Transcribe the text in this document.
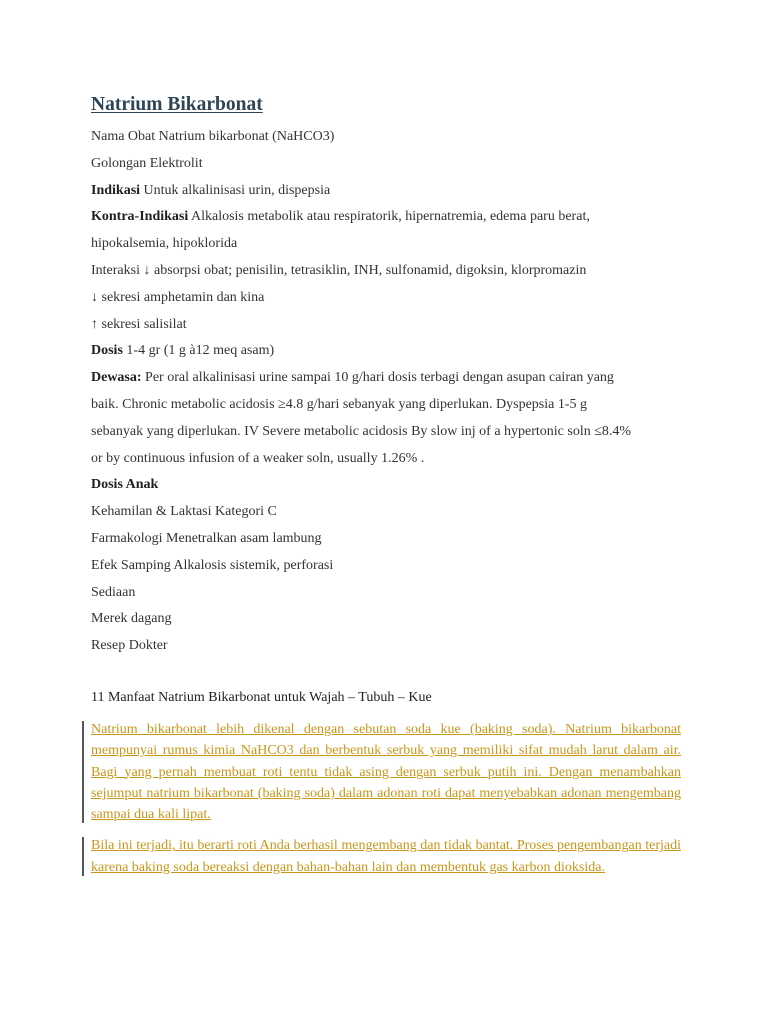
Natrium Bikarbonat
Nama Obat Natrium bikarbonat (NaHCO3)
Golongan Elektrolit
Indikasi Untuk alkalinisasi urin, dispepsia
Kontra-Indikasi Alkalosis metabolik atau respiratorik, hipernatremia, edema paru berat,
hipokalsemia, hipoklorida
Interaksi ↓ absorpsi obat; penisilin, tetrasiklin, INH, sulfonamid, digoksin, klorpromazin
↓ sekresi amphetamin dan kina
↑ sekresi salisilat
Dosis 1-4 gr (1 g à12 meq asam)
Dewasa: Per oral alkalinisasi urine sampai 10 g/hari dosis terbagi dengan asupan cairan yang
baik. Chronic metabolic acidosis ≥4.8 g/hari sebanyak yang diperlukan. Dyspepsia 1-5 g
sebanyak yang diperlukan. IV Severe metabolic acidosis By slow inj of a hypertonic soln ≤8.4%
or by continuous infusion of a weaker soln, usually 1.26% .
Dosis Anak
Kehamilan & Laktasi Kategori C
Farmakologi Menetralkan asam lambung
Efek Samping Alkalosis sistemik, perforasi
Sediaan
Merek dagang
Resep Dokter
11 Manfaat Natrium Bikarbonat untuk Wajah – Tubuh – Kue
Natrium bikarbonat lebih dikenal dengan sebutan soda kue (baking soda). Natrium bikarbonat mempunyai rumus kimia NaHCO3 dan berbentuk serbuk yang memiliki sifat mudah larut dalam air. Bagi yang pernah membuat roti tentu tidak asing dengan serbuk putih ini. Dengan menambahkan sejumput natrium bikarbonat (baking soda) dalam adonan roti dapat menyebabkan adonan mengembang sampai dua kali lipat.
Bila ini terjadi, itu berarti roti Anda berhasil mengembang dan tidak bantat. Proses pengembangan terjadi karena baking soda bereaksi dengan bahan-bahan lain dan membentuk gas karbon dioksida.
